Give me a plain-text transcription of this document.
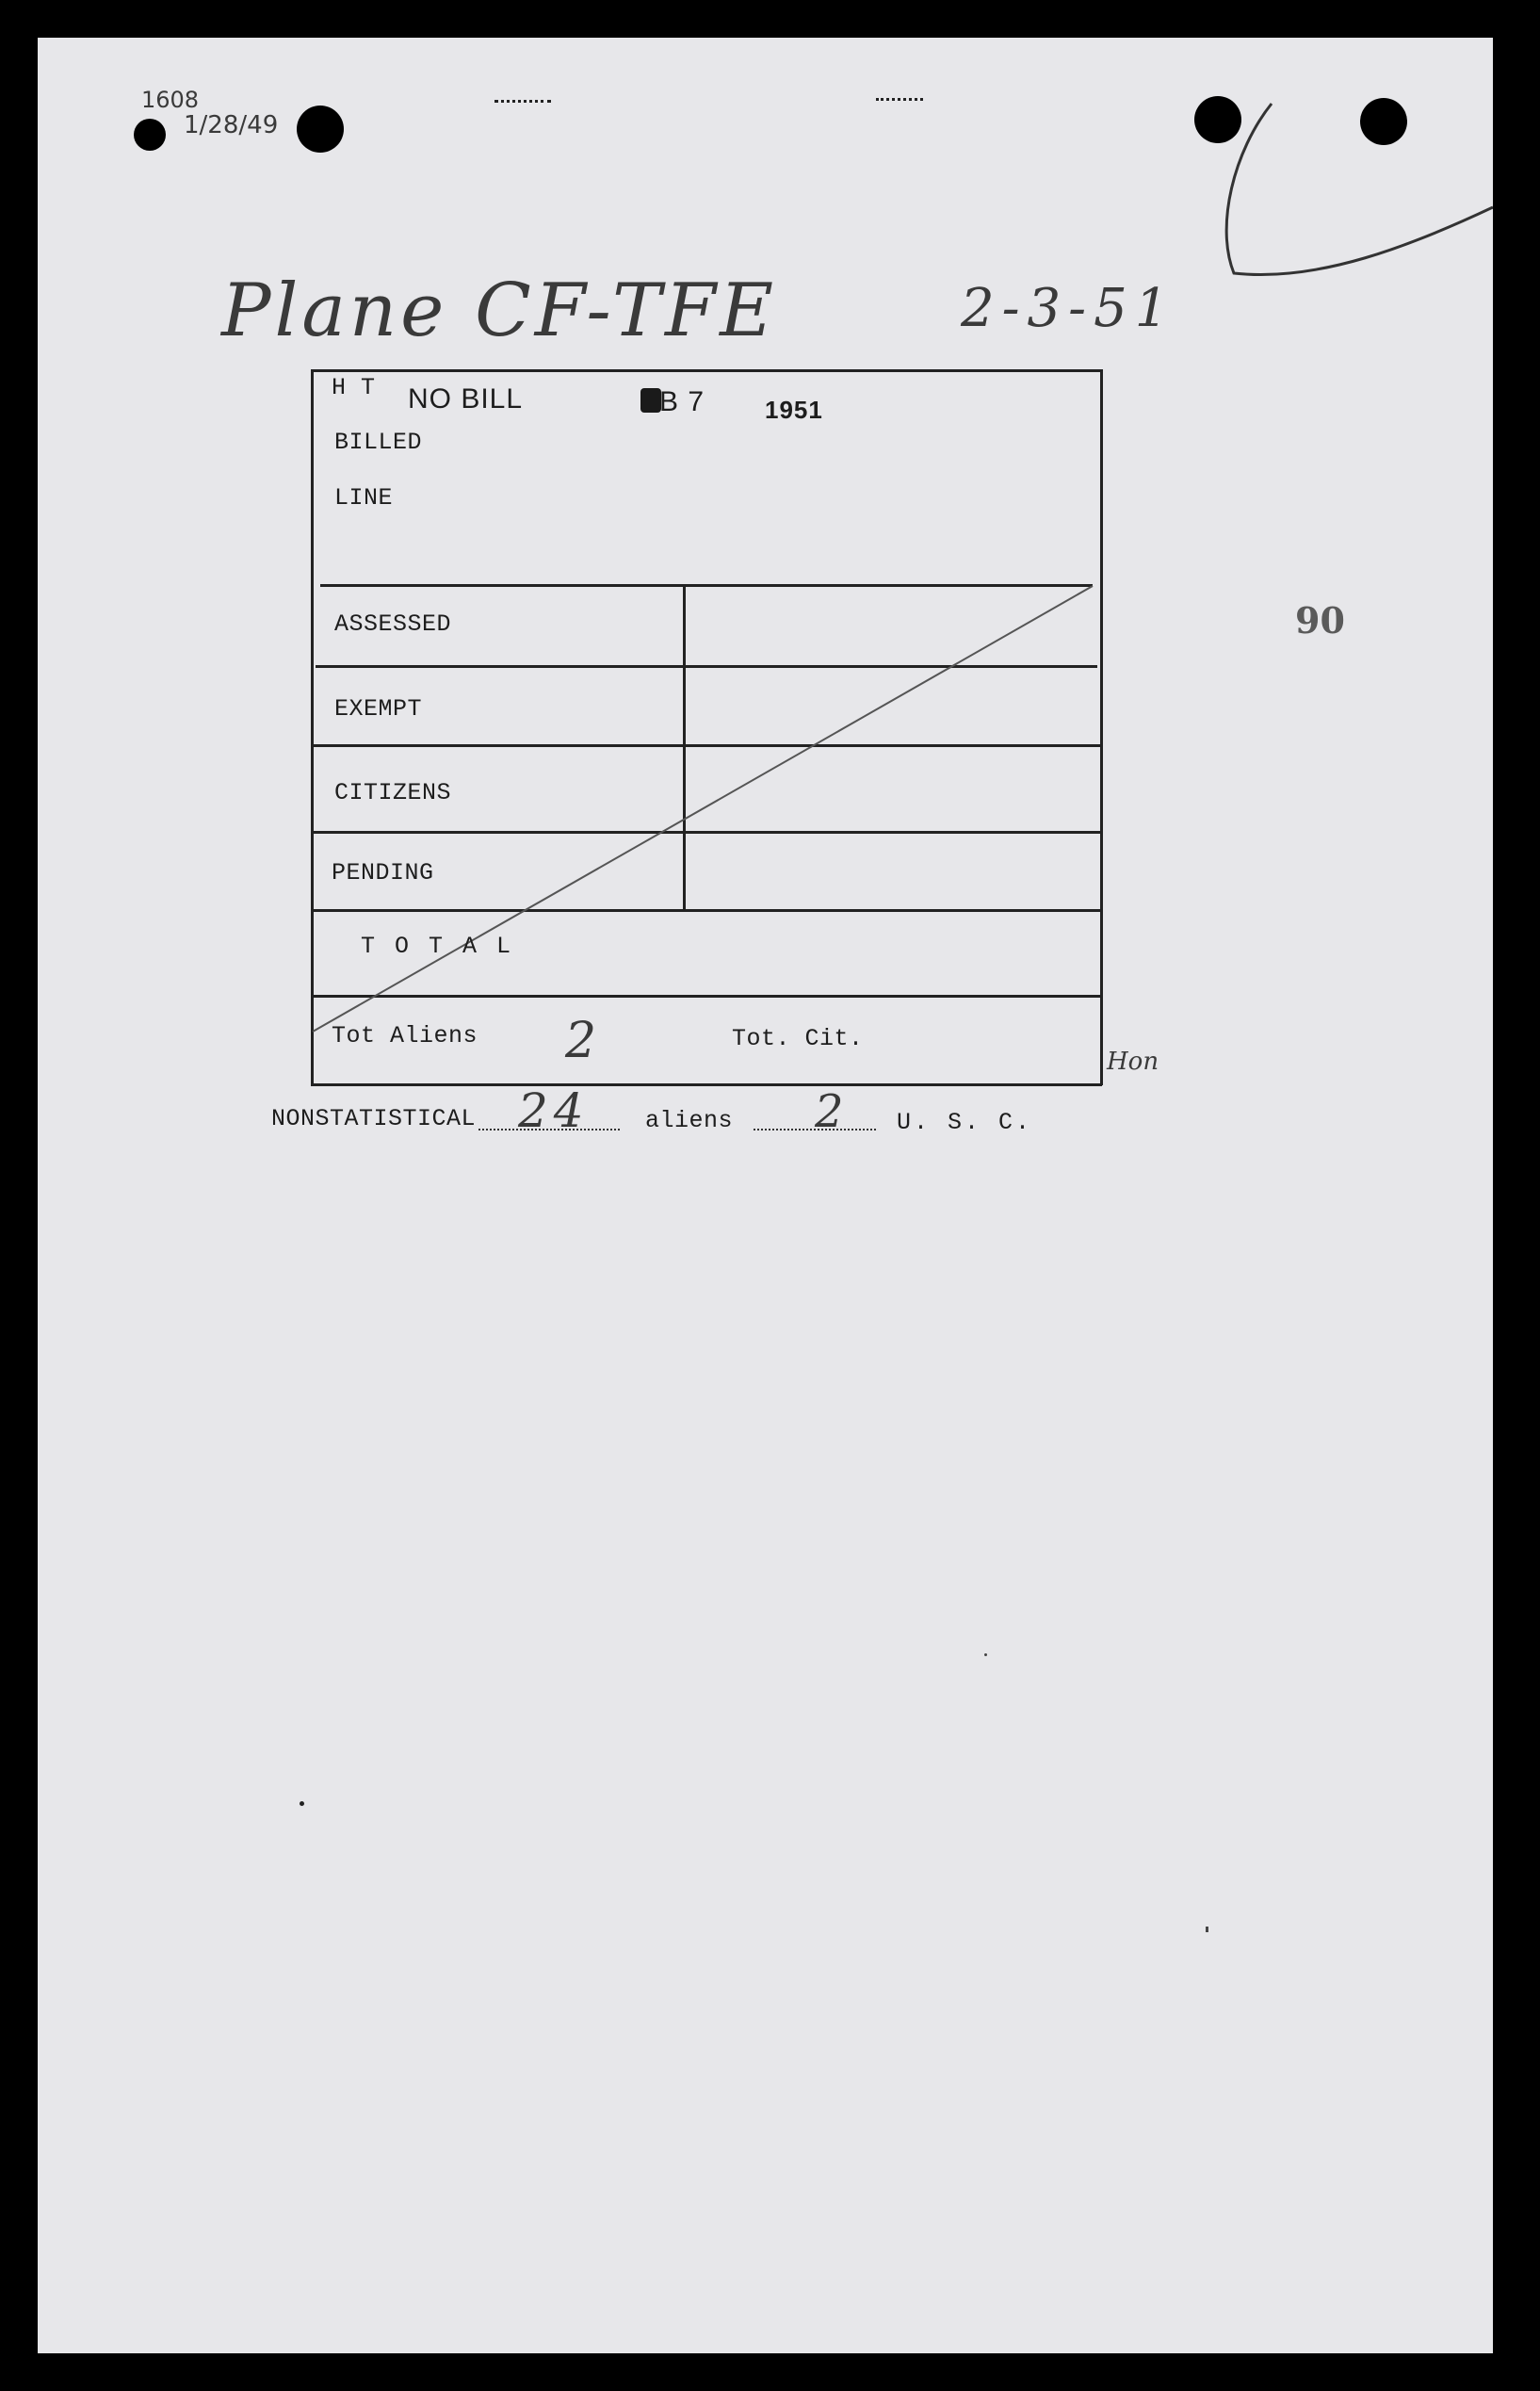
1608
1/28/49
Plane CF-TFE	2-3-51
H T
BILLED
LINE
ASSESSED
EXEMPT
CITIZENS
PENDING
T O T A L
Tot Aliens 2	Tot. Cit.
NO BILL	B 7 1951
90
Hon
NONSTATISTICAL 24 aliens 2 U. S. C.
